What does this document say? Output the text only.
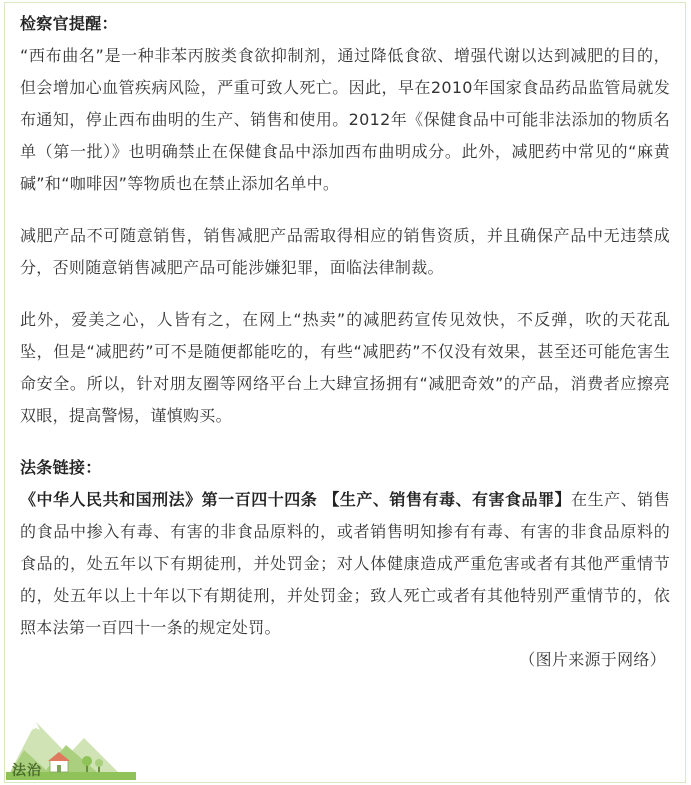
检察官提醒：

“西布曲名”是一种非苯丙胺类食欲抑制剂，通过降低食欲、增强代谢以达到减肥的目的，但会增加心血管疾病风险，严重可致人死亡。因此，早在2010年国家食品药品监管局就发布通知，停止西布曲明的生产、销售和使用。2012年《保健食品中可能非法添加的物质名单（第一批）》也明确禁止在保健食品中添加西布曲明成分。此外，减肥药中常见的“麻黄碱”和“咖啡因”等物质也在禁止添加名单中。

减肥产品不可随意销售，销售减肥产品需取得相应的销售资质，并且确保产品中无违禁成分，否则随意销售减肥产品可能涉嫌犯罪，面临法律制裁。

此外，爱美之心，人皆有之，在网上“热卖”的减肥药宣传见效快，不反弹，吹的天花乱坠，但是“减肥药”可不是随便都能吃的，有些“减肥药”不仅没有效果，甚至还可能危害生命安全。所以，针对朋友圈等网络平台上大肆宣扬拥有“减肥奇效”的产品，消费者应擦亮双眼，提高警惕，谨慎购买。

法条链接：

《中华人民共和国刑法》第一百四十四条 【生产、销售有毒、有害食品罪】在生产、销售的食品中掺入有毒、有害的非食品原料的，或者销售明知掺有有毒、有害的非食品原料的食品的，处五年以下有期徒刑，并处罚金；对人体健康造成严重危害或者有其他严重情节的，处五年以上十年以下有期徒刑，并处罚金；致人死亡或者有其他特别严重情节的，依照本法第一百四十一条的规定处罚。

（图片来源于网络）

法治
